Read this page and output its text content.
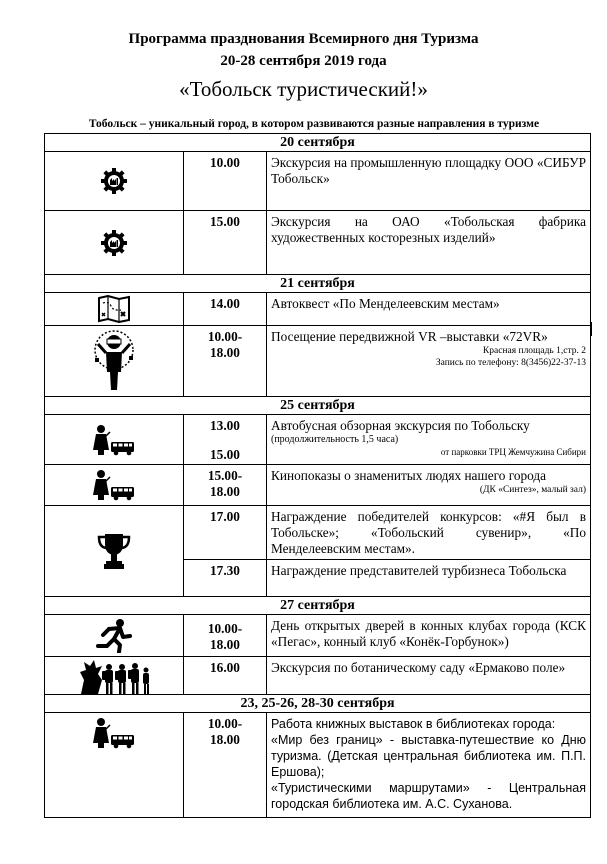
Программа празднования Всемирного дня Туризма
20-28 сентября 2019 года
«Тобольск туристический!»
Тобольск – уникальный город, в котором развиваются разные направления в туризме
20 сентября		
	10.00	Экскурсия на промышленную площадку ООО «СИБУР Тобольск»
	15.00	Экскурсия на ОАО «Тобольская фабрика художественных косторезных изделий»
21 сентября		
	14.00	Автоквест «По Менделеевским местам»
	10.00-
18.00	Посещение передвижной VR –выставки «72VR»
Красная площадь 1,стр. 2
Запись по телефону: 8(3456)22-37-13

25 сентября		
	13.00
15.00	Автобусная обзорная экскурсия по Тобольску
(продолжительность 1,5 часа)
от парковки ТРЦ Жемчужина Сибири

	15.00-
18.00	Кинопоказы о знаменитых людях нашего города
(ДК «Синтез», малый зал)

	17.00	Награждение победителей конкурсов: «#Я был в Тобольске»; «Тобольский сувенир», «По Менделеевским местам».
	17.30	Награждение представителей турбизнеса Тобольска
27 сентября		
	10.00-
18.00	День открытых дверей в конных клубах города (КСК «Пегас», конный клуб «Конёк-Горбунок»)
	16.00	Экскурсия по ботаническому саду «Ермаково поле»
23, 25-26, 28-30 сентября		
	10.00-
18.00	Работа книжных выставок в библиотеках города:
«Мир без границ» - выставка-путешествие ко Дню туризма. (Детская центральная библиотека им. П.П. Ершова);
«Туристическими маршрутами» - Центральная городская библиотека им. А.С. Суханова.
